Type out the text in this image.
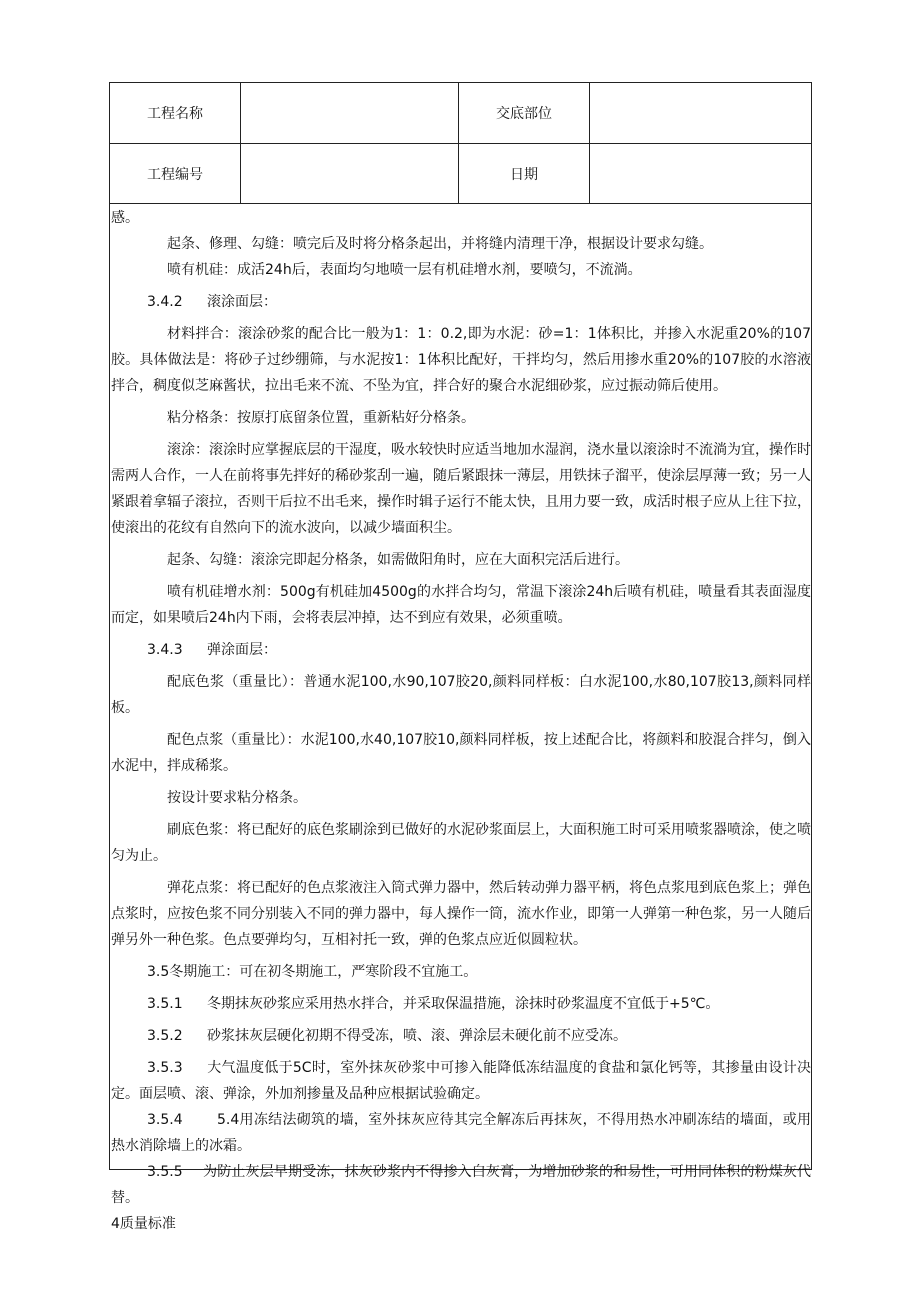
工程名称	交底部位
工程编号	日期

感。

起条、修理、勾缝：喷完后及时将分格条起出，并将缝内清理干净，根据设计要求勾缝。

喷有机硅：成活24h后，表面均匀地喷一层有机硅增水剂，要喷匀，不流淌。

3.4.2 滚涂面层：

材料拌合：滚涂砂浆的配合比一般为1：1：0.2,即为水泥：砂=1：1体积比，并掺入水泥重20%的107胶。具体做法是：将砂子过纱绷筛，与水泥按1：1体积比配好，干拌均匀，然后用掺水重20%的107胶的水溶液拌合，稠度似芝麻酱状，拉出毛来不流、不坠为宜，拌合好的聚合水泥细砂浆，应过振动筛后使用。

粘分格条：按原打底留条位置，重新粘好分格条。

滚涂：滚涂时应掌握底层的干湿度，吸水较快时应适当地加水湿润，浇水量以滚涂时不流淌为宜，操作时需两人合作，一人在前将事先拌好的稀砂浆刮一遍，随后紧跟抹一薄层，用铁抹子溜平，使涂层厚薄一致；另一人紧跟着拿辐子滚拉，否则干后拉不出毛来，操作时辑子运行不能太快，且用力要一致，成活时根子应从上往下拉，使滚出的花纹有自然向下的流水波向，以减少墙面积尘。

起条、勾缝：滚涂完即起分格条，如需做阳角时，应在大面积完活后进行。

喷有机硅增水剂：500g有机硅加4500g的水拌合均匀，常温下滚涂24h后喷有机硅，喷量看其表面湿度而定，如果喷后24h内下雨，会将表层冲掉，达不到应有效果，必须重喷。

3.4.3 弹涂面层：

配底色浆（重量比）：普通水泥100,水90,107胶20,颜料同样板：白水泥100,水80,107胶13,颜料同样板。

配色点浆（重量比）：水泥100,水40,107胶10,颜料同样板，按上述配合比，将颜料和胶混合拌匀，倒入水泥中，拌成稀浆。

按设计要求粘分格条。

刷底色浆：将已配好的底色浆刷涂到已做好的水泥砂浆面层上，大面积施工时可采用喷浆器喷涂，使之喷匀为止。

弹花点浆：将已配好的色点浆液注入筒式弹力器中，然后转动弹力器平柄，将色点浆甩到底色浆上；弹色点浆时，应按色浆不同分别装入不同的弹力器中，每人操作一筒，流水作业，即第一人弹第一种色浆，另一人随后弹另外一种色浆。色点要弹均匀，互相衬托一致，弹的色浆点应近似圆粒状。

3.5冬期施工：可在初冬期施工，严寒阶段不宜施工。

3.5.1 冬期抹灰砂浆应采用热水拌合，并采取保温措施，涂抹时砂浆温度不宜低于+5℃。

3.5.2 砂浆抹灰层硬化初期不得受冻，喷、滚、弹涂层未硬化前不应受冻。

3.5.3 大气温度低于5C时，室外抹灰砂浆中可掺入能降低冻结温度的食盐和氯化钙等，其掺量由设计决定。面层喷、滚、弹涂，外加剂掺量及品种应根据试验确定。

3.5.4 5.4用冻结法砌筑的墙，室外抹灰应待其完全解冻后再抹灰，不得用热水冲刷冻结的墙面，或用热水消除墙上的冰霜。

3.5.5 为防止灰层早期受冻，抹灰砂浆内不得掺入白灰膏，为增加砂浆的和易性，可用同体积的粉煤灰代替。

4质量标准
